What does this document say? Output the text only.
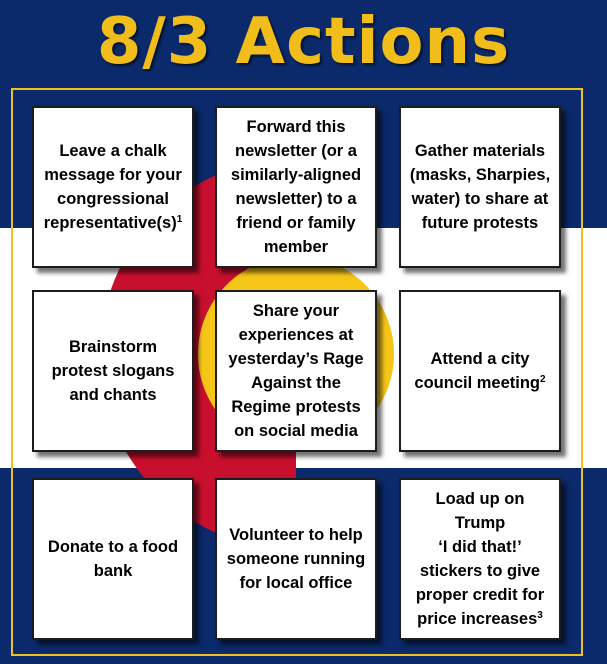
8/3 Actions
Leave a chalk
message for your
congressional
$representative(s)^1$
Forward this
newsletter (or a
similarly-aligned
newsletter) to a
friend or family
member
Gather materials
(masks, Sharpies,
water) to share at
future protests
Brainstorm
protest slogans
and chants
Share your
experiences at
yesterday’s Rage
Against the
Regime protests
on social media
Attend a city
council meeting$^2$
Donate to a food
bank
Volunteer to help
someone running
for local office
Load up on
Trump
‘I did that!’
stickers to give
proper credit for
price increases$^3$
